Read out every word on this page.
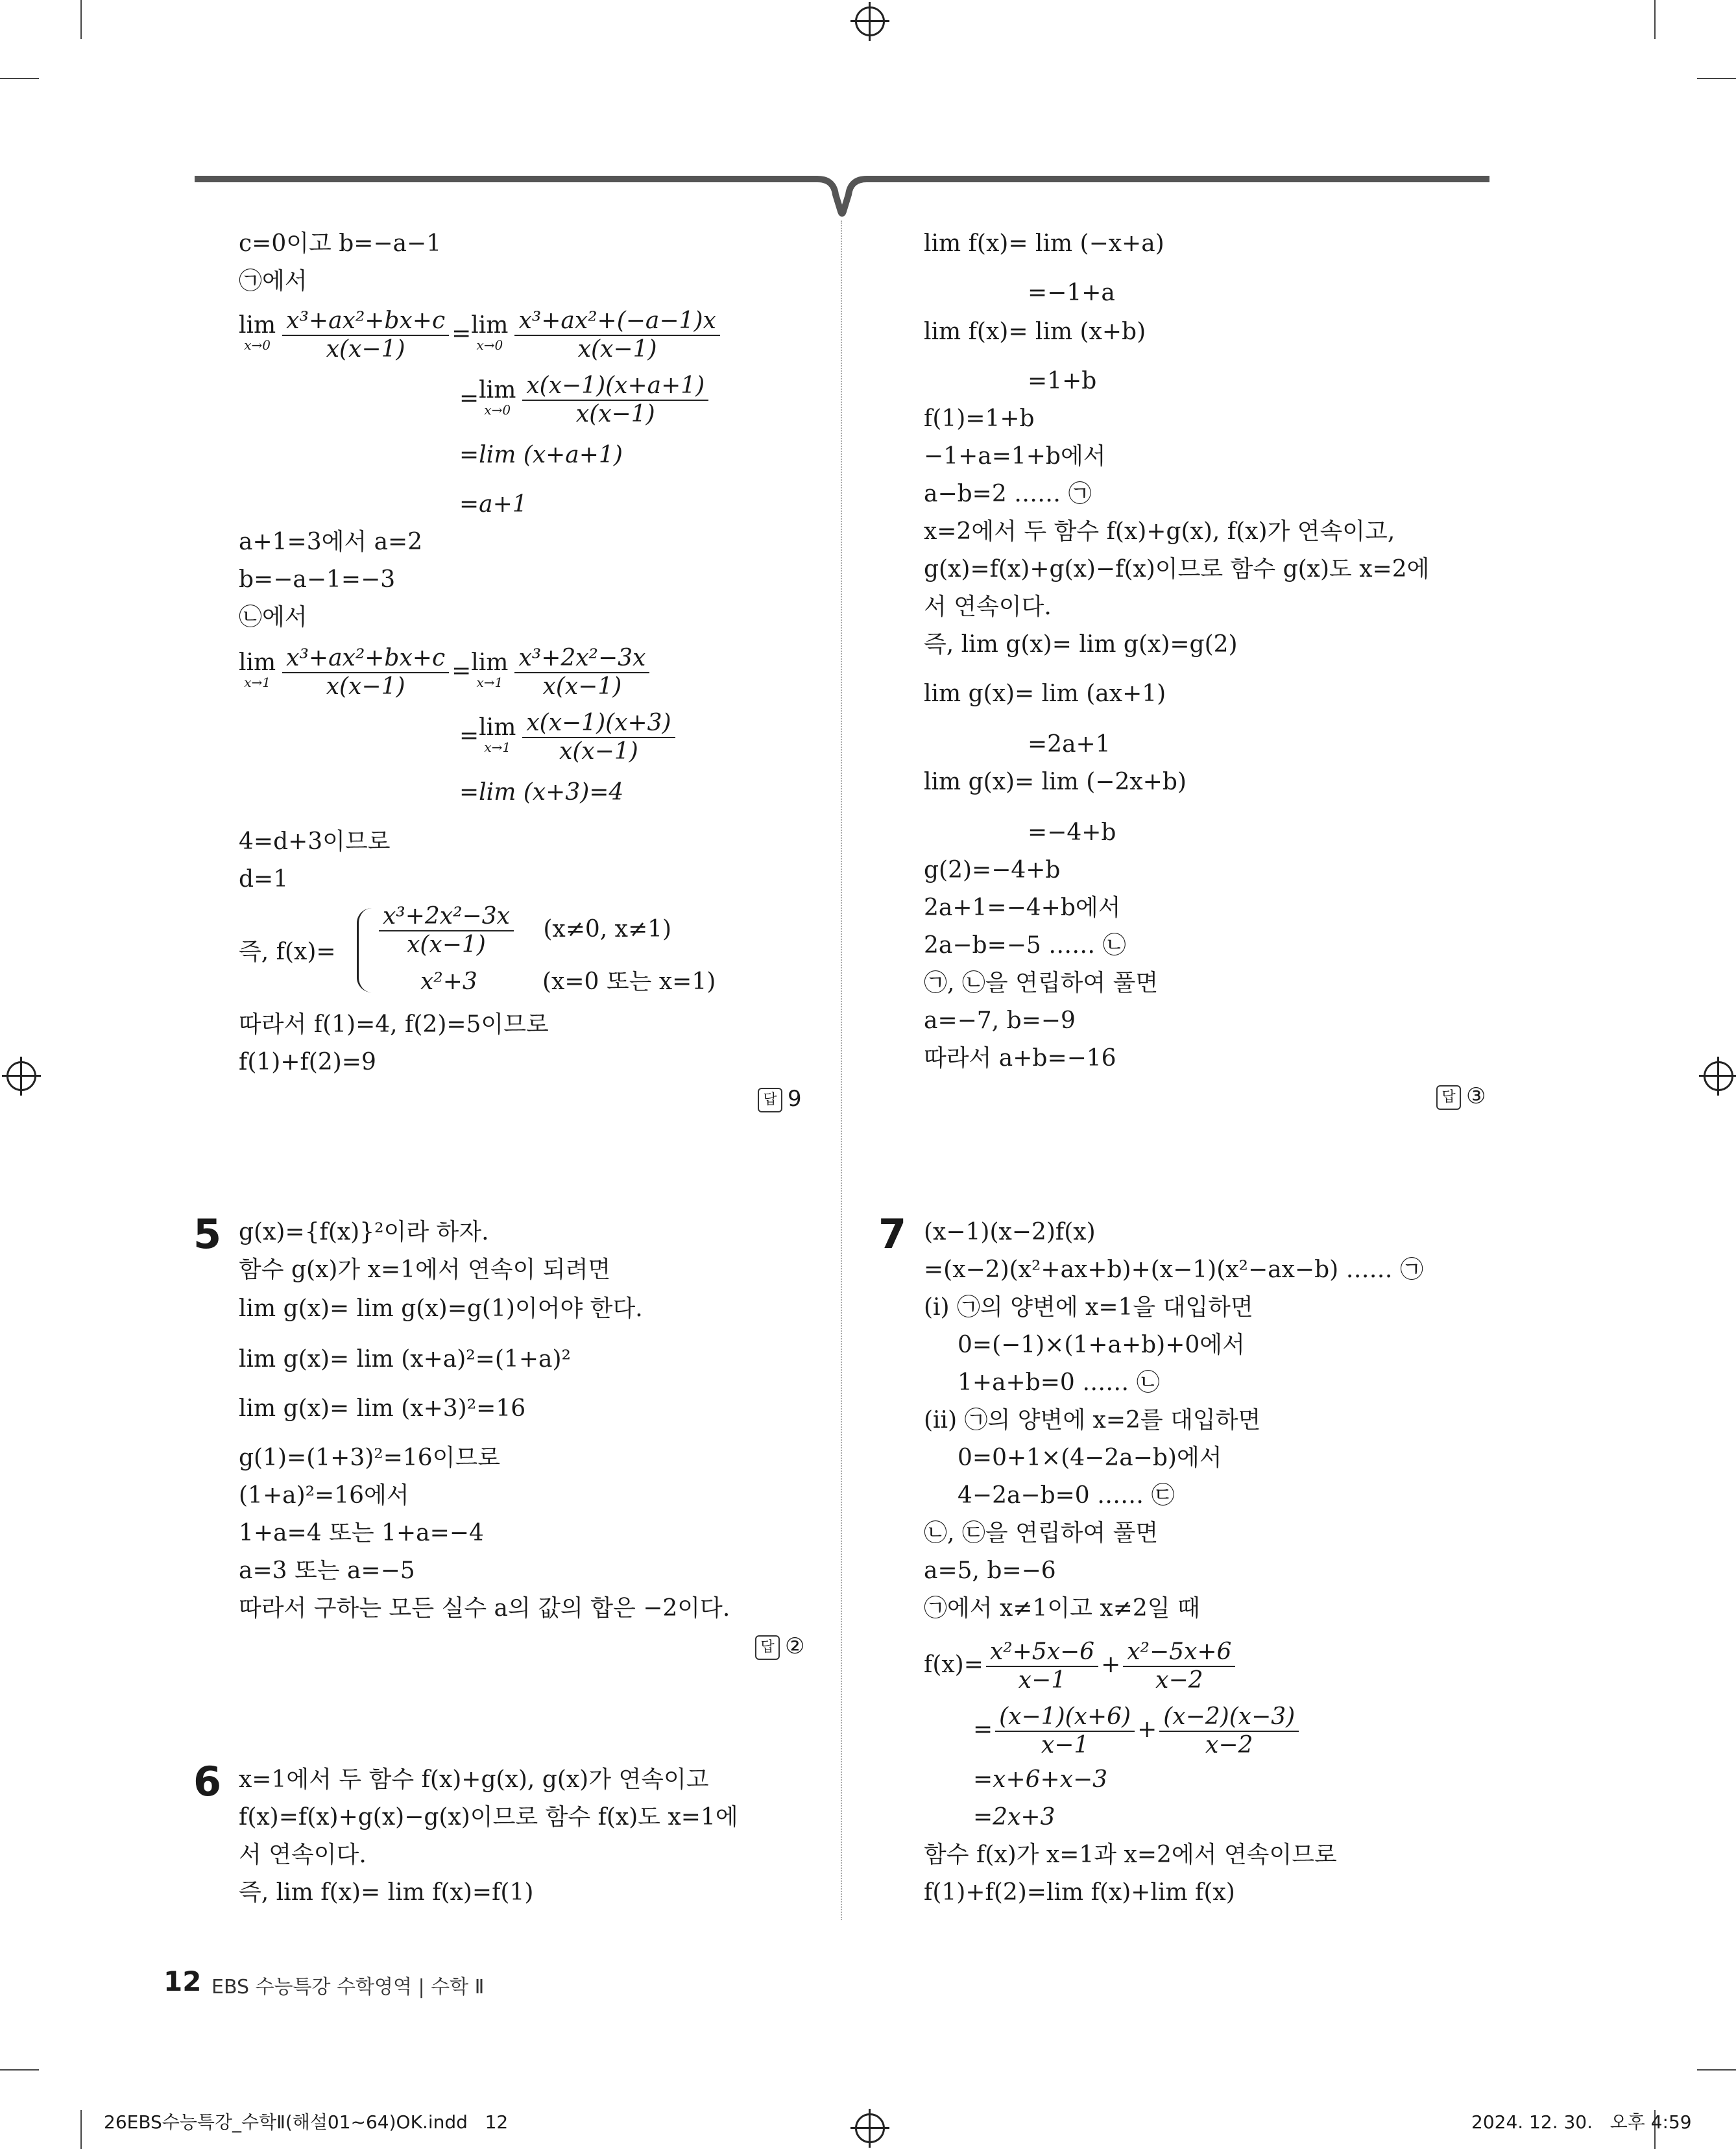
c=0이고 b=−a−1
㉠에서
lim
$x\to 0 \frac{\text{x³+ax²+bx+c}}{x(x-1)} = \lim$
$x\to 0 \frac{\text{x³+ax²+(−a−1)x}}{x(x-1)}$
= lim
$x\to 0 \frac{x(x-1)(x+a+1)}{x(x-1)}$
=lim (x+a+1)
=a+1
a+1=3에서 a=2
b=−a−1=−3
㉡에서
lim
$x\to 1 \frac{\text{x³+ax²+bx+c}}{x(x-1)} = \lim$
$x\to 1 \frac{\text{x³+2x²−3x}}{x(x-1)}$
= lim
$x\to 1 \frac{x(x-1)(x+3)}{x(x-1)}$
=lim (x+3)=4
4=d+3이므로
d=1
즉, $f(x)= \frac{\text{x³+2x²−3x}}{x(x-1)} (x\ne 0$, x≠1)
x²+3	(x=0 또는 x=1)
따라서 f(1)=4, f(2)=5이므로
f(1)+f(2)=9
답 9
lim f(x)= lim (−x+a)
=−1+a
lim f(x)= lim (x+b)
=1+b
f(1)=1+b
−1+a=1+b에서
a−b=2 …… ㉠
x=2에서 두 함수 f(x)+g(x), f(x)가 연속이고,
g(x)=f(x)+g(x)−f(x)이므로 함수 g(x)도 x=2에
서 연속이다.
즉, lim g(x)= lim g(x)=g(2)
lim g(x)= lim (ax+1)
=2a+1
lim g(x)= lim (−2x+b)
=−4+b
g(2)=−4+b
2a+1=−4+b에서
2a−b=−5 …… ㉡
㉠, ㉡을 연립하여 풀면
a=−7, b=−9
따라서 a+b=−16
답 ③
5 g(x)={f(x)}²이라 하자.
함수 g(x)가 x=1에서 연속이 되려면
lim g(x)= lim g(x)=g(1)이어야 한다.
lim g(x)= lim (x+a)²=(1+a)²
lim g(x)= lim (x+3)²=16
g(1)=(1+3)²=16이므로
(1+a)²=16에서
1+a=4 또는 1+a=−4
a=3 또는 a=−5
따라서 구하는 모든 실수 a의 값의 합은 −2이다.
답 ②
6 x=1에서 두 함수 f(x)+g(x), g(x)가 연속이고
f(x)=f(x)+g(x)−g(x)이므로 함수 f(x)도 x=1에
서 연속이다.
즉, lim f(x)= lim f(x)=f(1)
7 (x−1)(x−2)f(x)
=(x−2)(x²+ax+b)+(x−1)(x²−ax−b) …… ㉠
(ⅰ) ㉠의 양변에 x=1을 대입하면
0=(−1)×(1+a+b)+0에서
1+a+b=0 …… ㉡
(ⅱ) ㉠의 양변에 x=2를 대입하면
0=0+1×(4−2a−b)에서
4−2a−b=0 …… ㉢
㉡, ㉢을 연립하여 풀면
a=5, b=−6
㉠에서 x≠1이고 x≠2일 때
$f(x)= \frac{\text{x²+5x−6}}{x-1} + \frac{\text{x²−5x+6}}{x-2}$
= $\frac{(x-1)(x+6)}{x-1} + \frac{(x-2)(x-3)}{x-2}$
=x+6+x−3
=2x+3
함수 f(x)가 x=1과 x=2에서 연속이므로
f(1)+f(2)=lim f(x)+lim f(x)
12 EBS 수능특강 수학영역 | 수학 Ⅱ
26EBS수능특강_수학Ⅱ(해설01~64)OK.indd   12	2024. 12. 30.   오후 4:59
